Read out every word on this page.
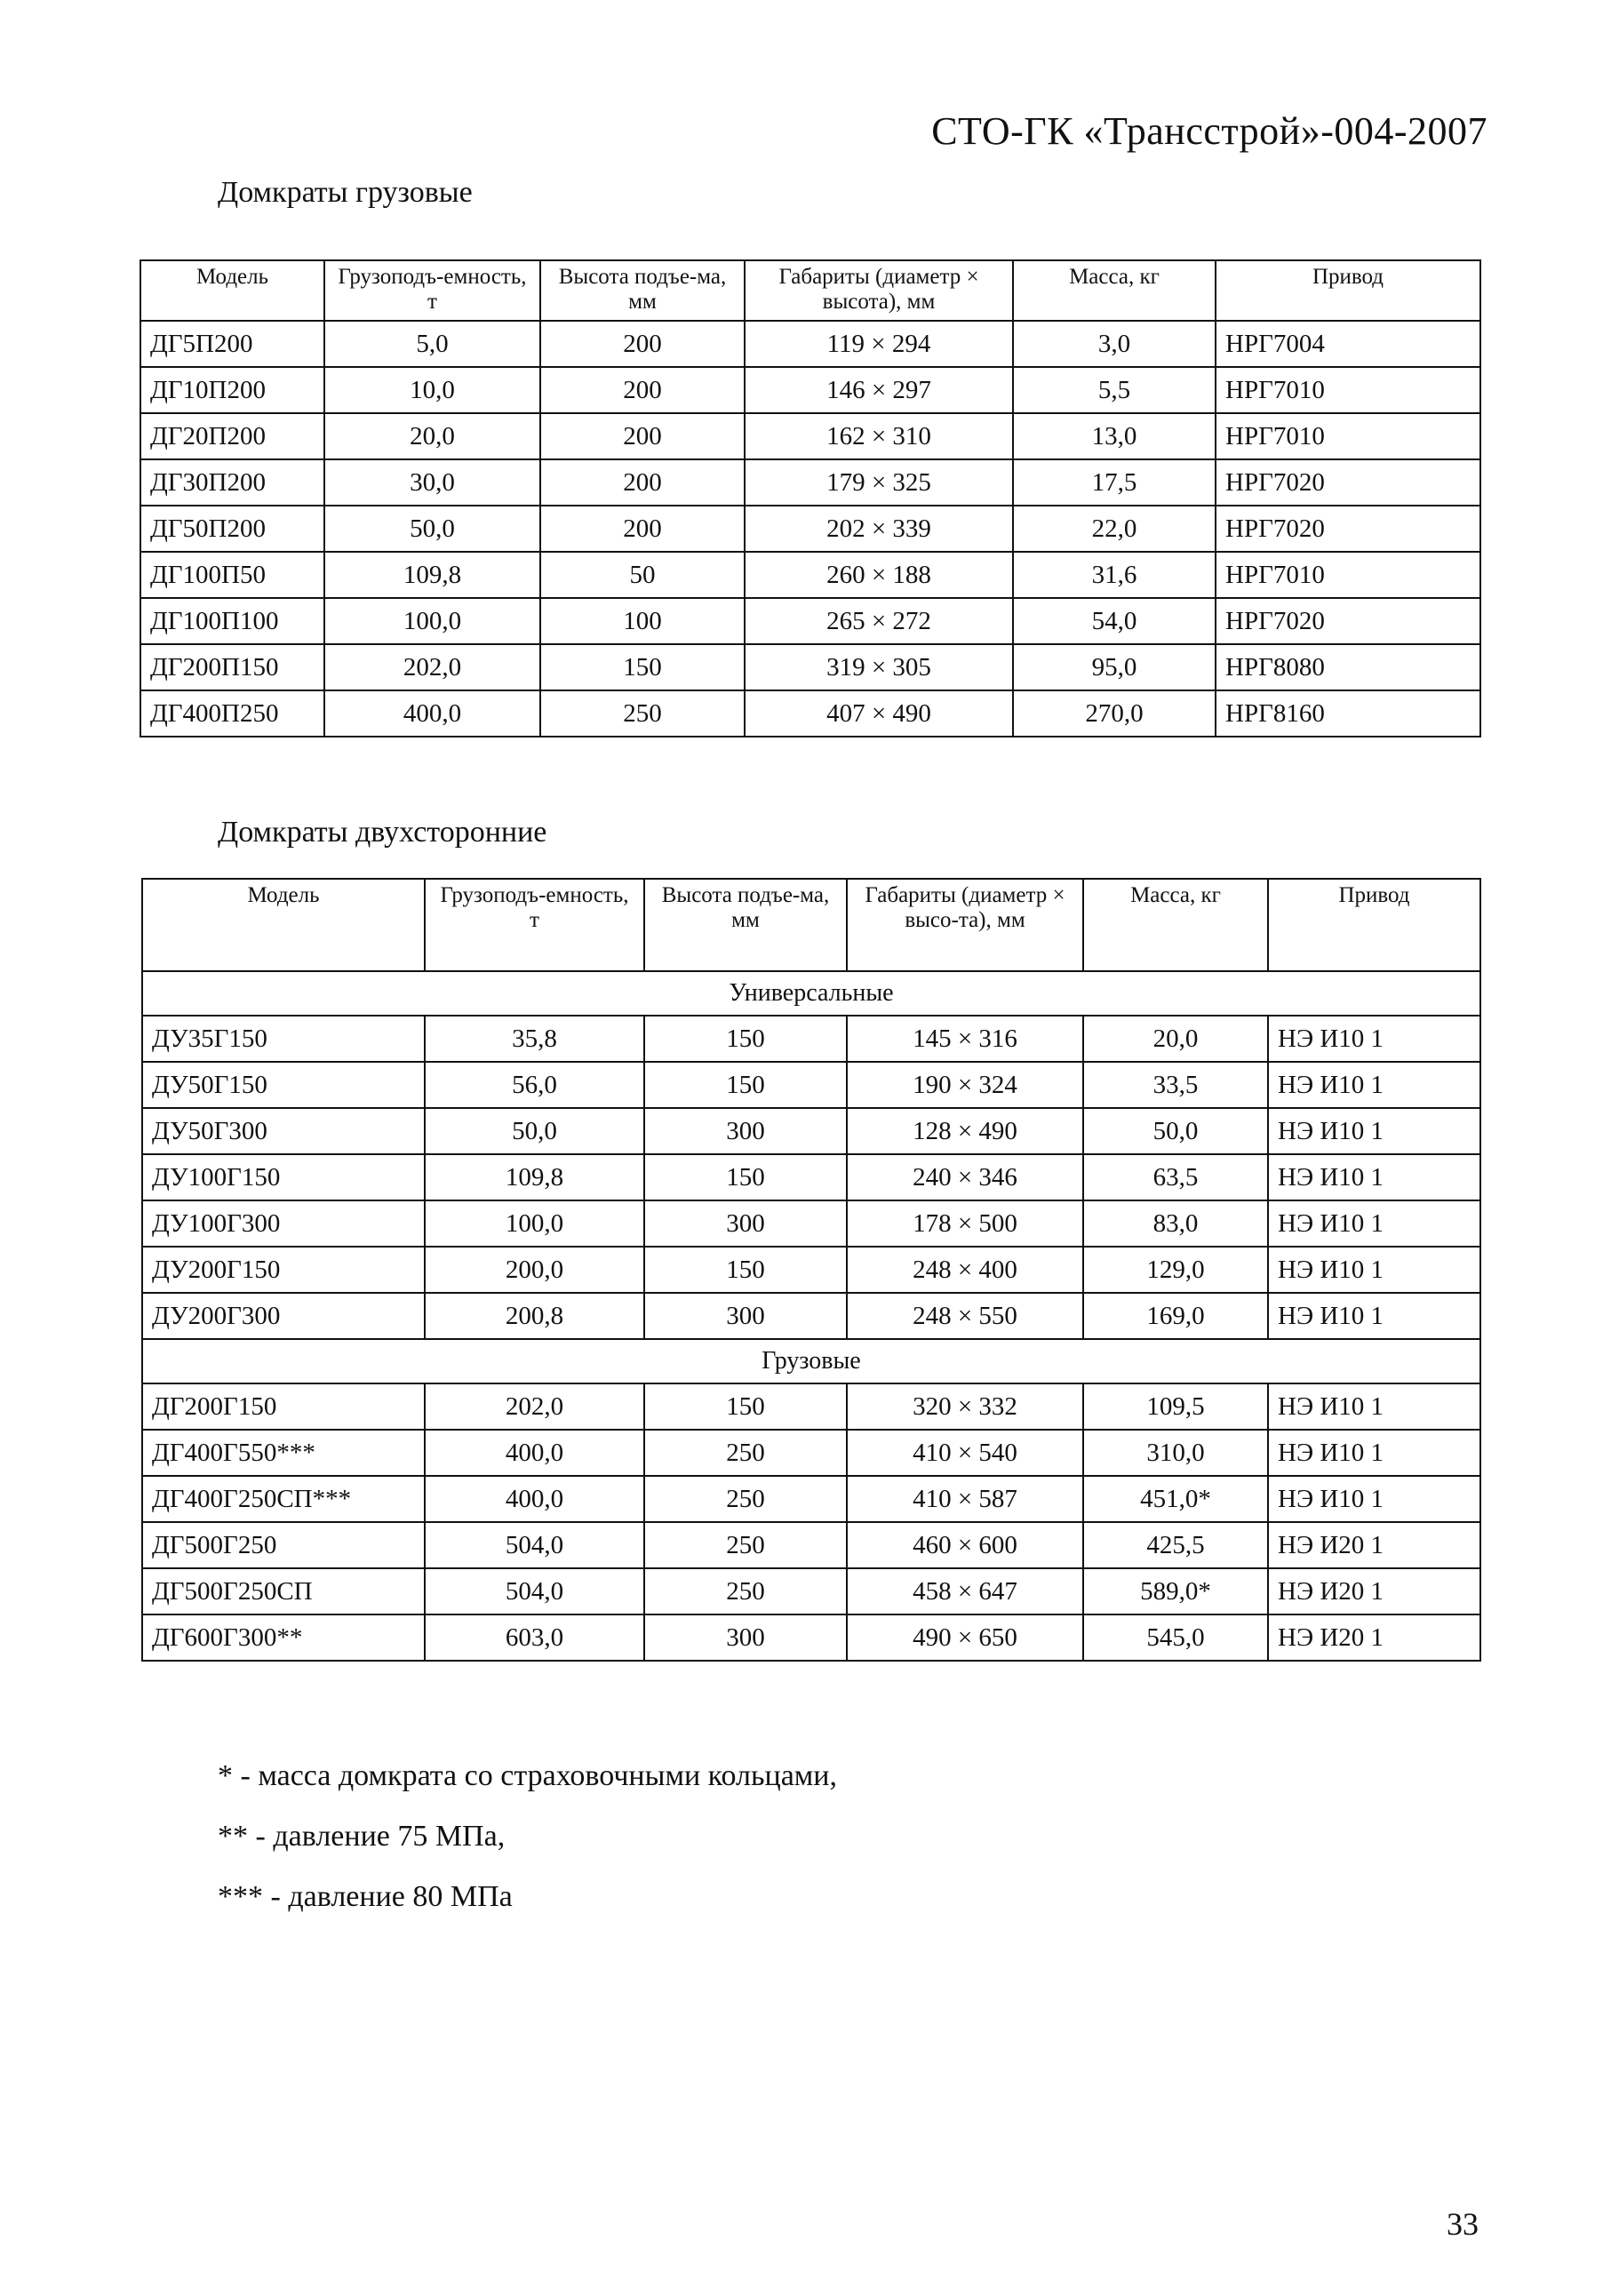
СТО-ГК «Трансстрой»-004-2007
Домкраты грузовые
Модель	Грузоподъ-емность, т	Высота подъе-ма, мм	Габариты (диаметр × высота), мм	Масса, кг	Привод
ДГ5П200	5,0	200	119 × 294	3,0	НРГ7004
ДГ10П200	10,0	200	146 × 297	5,5	НРГ7010
ДГ20П200	20,0	200	162 × 310	13,0	НРГ7010
ДГ30П200	30,0	200	179 × 325	17,5	НРГ7020
ДГ50П200	50,0	200	202 × 339	22,0	НРГ7020
ДГ100П50	109,8	50	260 × 188	31,6	НРГ7010
ДГ100П100	100,0	100	265 × 272	54,0	НРГ7020
ДГ200П150	202,0	150	319 × 305	95,0	НРГ8080
ДГ400П250	400,0	250	407 × 490	270,0	НРГ8160
Домкраты двухсторонние
Модель	Грузоподъ-емность, т	Высота подъе-ма, мм	Габариты (диаметр × высо-та), мм	Масса, кг	Привод
Универсальные					
ДУ35Г150	35,8	150	145 × 316	20,0	НЭ И10 1
ДУ50Г150	56,0	150	190 × 324	33,5	НЭ И10 1
ДУ50Г300	50,0	300	128 × 490	50,0	НЭ И10 1
ДУ100Г150	109,8	150	240 × 346	63,5	НЭ И10 1
ДУ100Г300	100,0	300	178 × 500	83,0	НЭ И10 1
ДУ200Г150	200,0	150	248 × 400	129,0	НЭ И10 1
ДУ200Г300	200,8	300	248 × 550	169,0	НЭ И10 1
Грузовые					
ДГ200Г150	202,0	150	320 × 332	109,5	НЭ И10 1
ДГ400Г550***	400,0	250	410 × 540	310,0	НЭ И10 1
ДГ400Г250СП***	400,0	250	410 × 587	451,0*	НЭ И10 1
ДГ500Г250	504,0	250	460 × 600	425,5	НЭ И20 1
ДГ500Г250СП	504,0	250	458 × 647	589,0*	НЭ И20 1
ДГ600Г300**	603,0	300	490 × 650	545,0	НЭ И20 1
* - масса домкрата со страховочными кольцами,
** - давление 75 МПа,
*** - давление 80 МПа
33
